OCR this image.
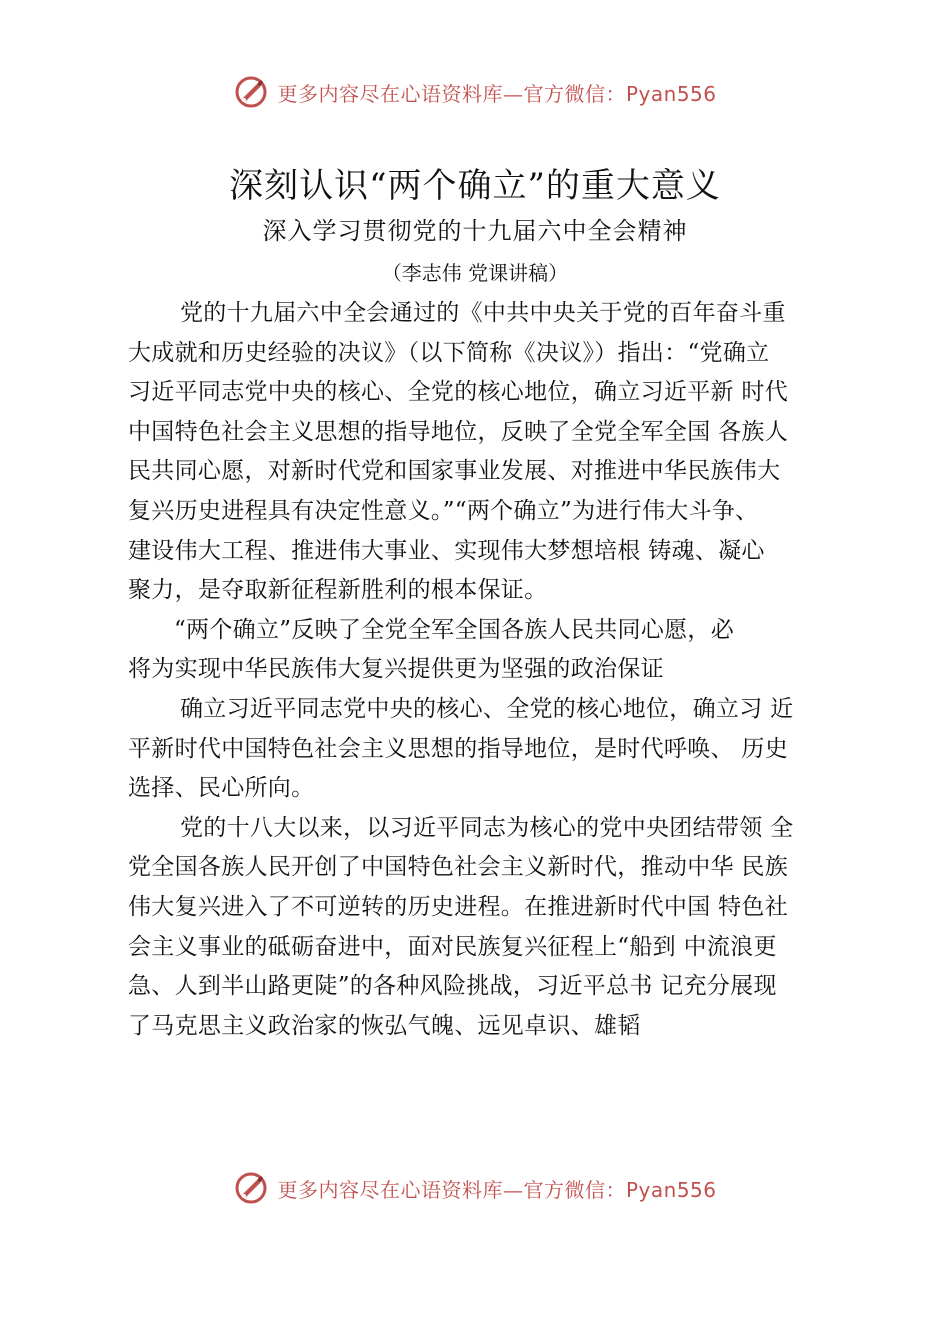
更多内容尽在心语资料库—官方微信：Pyan556
深刻认识“两个确立”的重大意义
深入学习贯彻党的十九届六中全会精神
（李志伟 党课讲稿）
党的十九届六中全会通过的《中共中央关于党的百年奋斗重
大成就和历史经验的决议》（以下简称《决议》）指出：“党确立
习近平同志党中央的核心、全党的核心地位，确立习近平新 时代
中国特色社会主义思想的指导地位，反映了全党全军全国 各族人
民共同心愿，对新时代党和国家事业发展、对推进中华民族伟大
复兴历史进程具有决定性意义。”“两个确立”为进行伟大斗争、
建设伟大工程、推进伟大事业、实现伟大梦想培根 铸魂、凝心
聚力，是夺取新征程新胜利的根本保证。
“两个确立”反映了全党全军全国各族人民共同心愿，必
将为实现中华民族伟大复兴提供更为坚强的政治保证
确立习近平同志党中央的核心、全党的核心地位，确立习 近
平新时代中国特色社会主义思想的指导地位，是时代呼唤、 历史
选择、民心所向。
党的十八大以来，以习近平同志为核心的党中央团结带领 全
党全国各族人民开创了中国特色社会主义新时代，推动中华 民族
伟大复兴进入了不可逆转的历史进程。在推进新时代中国 特色社
会主义事业的砥砺奋进中，面对民族复兴征程上“船到 中流浪更
急、人到半山路更陡”的各种风险挑战，习近平总书 记充分展现
了马克思主义政治家的恢弘气魄、远见卓识、雄韬
更多内容尽在心语资料库—官方微信：Pyan556
